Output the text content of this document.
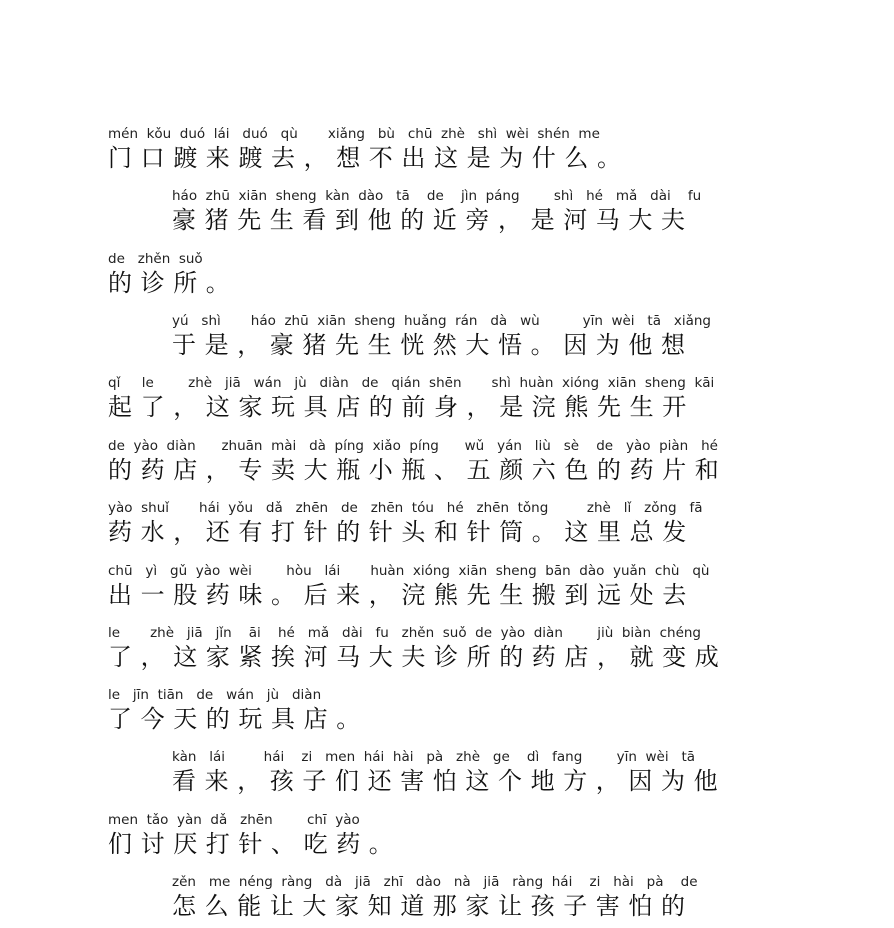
mén  kǒu  duó  lái   duó   qù       xiǎng   bù   chū  zhè   shì  wèi  shén  me
门口踱来踱去，想不出这是为什么。
háo  zhū  xiān  sheng  kàn  dào   tā    de    jìn  páng        shì   hé   mǎ   dài    fu
豪猪先生看到他的近旁，是河马大夫
de   zhěn  suǒ
的诊所。
yú   shì       háo  zhū  xiān  sheng  huǎng  rán   dà   wù          yīn  wèi   tā   xiǎng
于是，豪猪先生恍然大悟。因为他想
qǐ     le        zhè   jiā   wán   jù   diàn   de   qián  shēn       shì  huàn  xióng  xiān  sheng  kāi
起了，这家玩具店的前身，是浣熊先生开
de  yào  diàn      zhuān  mài   dà  píng  xiǎo  píng      wǔ   yán   liù   sè    de   yào  piàn   hé
的药店，专卖大瓶小瓶、五颜六色的药片和
yào  shuǐ       hái  yǒu   dǎ   zhēn   de   zhēn  tóu   hé   zhēn  tǒng         zhè   lǐ   zǒng   fā
药水，还有打针的针头和针筒。这里总发
chū   yì   gǔ  yào  wèi        hòu   lái       huàn  xióng  xiān  sheng  bān  dào  yuǎn  chù   qù
出一股药味。后来，浣熊先生搬到远处去
le       zhè   jiā   jǐn    āi    hé   mǎ   dài   fu   zhěn  suǒ  de  yào  diàn        jiù  biàn  chéng
了，这家紧挨河马大夫诊所的药店，就变成
le   jīn  tiān   de   wán   jù   diàn
了今天的玩具店。
kàn   lái         hái    zi   men  hái  hài   pà   zhè   ge    dì   fang        yīn  wèi   tā
看来，孩子们还害怕这个地方，因为他
men  tǎo  yàn  dǎ   zhēn        chī  yào
们讨厌打针、吃药。
zěn   me  néng  ràng   dà   jiā   zhī   dào   nà   jiā   ràng  hái    zi   hài   pà    de
怎么能让大家知道那家让孩子害怕的
